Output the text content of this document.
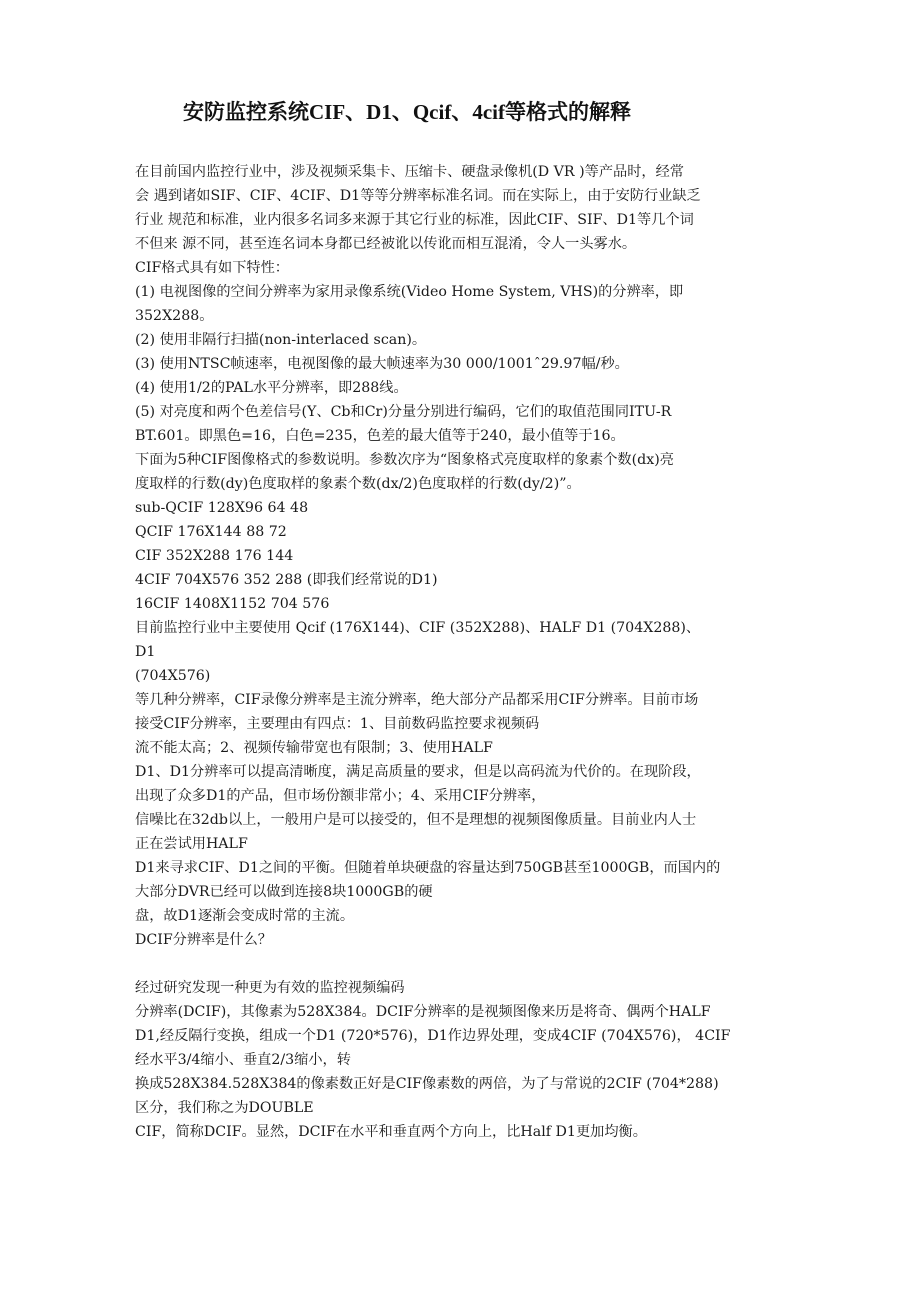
安防监控系统CIF、D1、Qcif、4cif等格式的解释
在目前国内监控行业中，涉及视频采集卡、压缩卡、硬盘录像机(D VR )等产品时，经常
会 遇到诸如SIF、CIF、4CIF、D1等等分辨率标准名词。而在实际上，由于安防行业缺乏
行业 规范和标准，业内很多名词多来源于其它行业的标准，因此CIF、SIF、D1等几个词
不但来 源不同，甚至连名词本身都已经被讹以传讹而相互混淆，令人一头雾水。
CIF格式具有如下特性：
(1) 电视图像的空间分辨率为家用录像系统(Video Home System, VHS)的分辨率，即
352X288。
(2) 使用非隔行扫描(non-interlaced scan)。
(3) 使用NTSC帧速率，电视图像的最大帧速率为30 000/1001ˆ29.97幅/秒。
(4) 使用1/2的PAL水平分辨率，即288线。
(5) 对亮度和两个色差信号(Y、Cb和Cr)分量分别进行编码，它们的取值范围同ITU-R
BT.601。即黑色=16，白色=235，色差的最大值等于240，最小值等于16。
下面为5种CIF图像格式的参数说明。参数次序为“图象格式亮度取样的象素个数(dx)亮
度取样的行数(dy)色度取样的象素个数(dx/2)色度取样的行数(dy/2)”。
sub-QCIF 128X96 64 48
QCIF 176X144 88 72
CIF 352X288 176 144
4CIF 704X576 352 288 (即我们经常说的D1)
16CIF 1408X1152 704 576
目前监控行业中主要使用 Qcif (176X144)、CIF (352X288)、HALF D1 (704X288)、
D1
(704X576)
等几种分辨率，CIF录像分辨率是主流分辨率，绝大部分产品都采用CIF分辨率。目前市场
接受CIF分辨率，主要理由有四点：1、目前数码监控要求视频码
流不能太高；2、视频传输带宽也有限制；3、使用HALF
D1、D1分辨率可以提高清晰度，满足高质量的要求，但是以高码流为代价的。在现阶段，
出现了众多D1的产品，但市场份额非常小；4、采用CIF分辨率，
信噪比在32db以上，一般用户是可以接受的，但不是理想的视频图像质量。目前业内人士
正在尝试用HALF
D1来寻求CIF、D1之间的平衡。但随着单块硬盘的容量达到750GB甚至1000GB，而国内的
大部分DVR已经可以做到连接8块1000GB的硬
盘，故D1逐渐会变成时常的主流。
DCIF分辨率是什么？
经过研究发现一种更为有效的监控视频编码
分辨率(DCIF)，其像素为528X384。DCIF分辨率的是视频图像来历是将奇、偶两个HALF
D1,经反隔行变换，组成一个D1 (720*576)，D1作边界处理，变成4CIF (704X576)， 4CIF
经水平3/4缩小、垂直2/3缩小，转
换成528X384.528X384的像素数正好是CIF像素数的两倍，为了与常说的2CIF (704*288)
区分，我们称之为DOUBLE
CIF，简称DCIF。显然，DCIF在水平和垂直两个方向上，比Half D1更加均衡。
